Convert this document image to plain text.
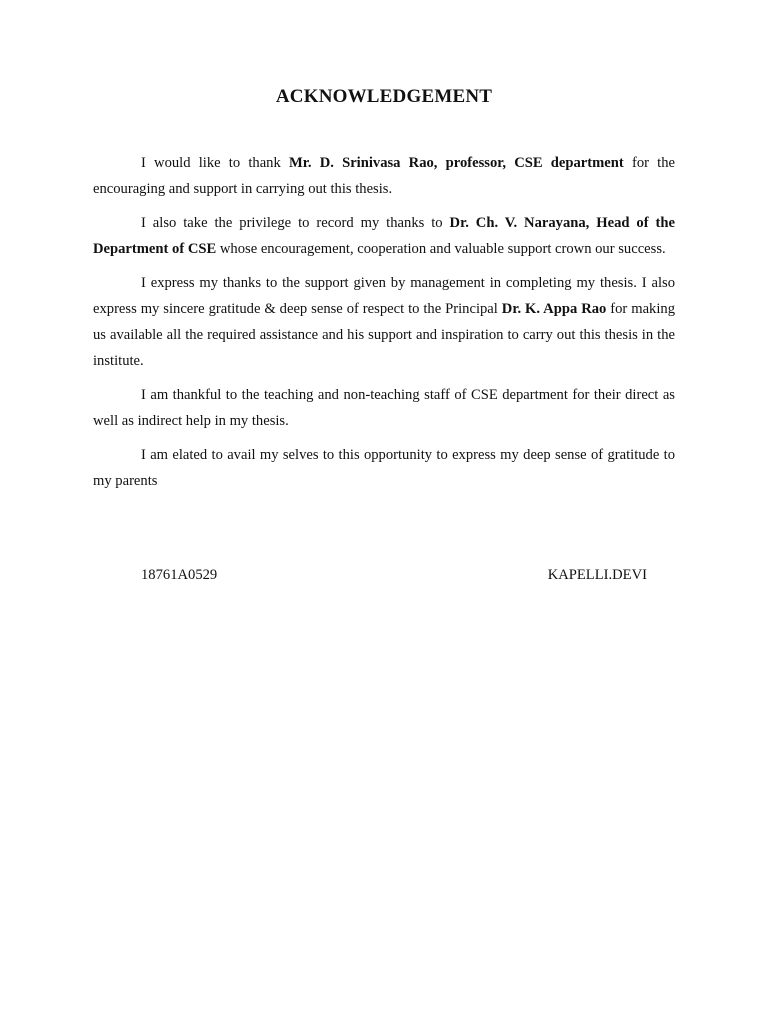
ACKNOWLEDGEMENT

I would like to thank Mr. D. Srinivasa Rao, professor, CSE department for the encouraging and support in carrying out this thesis.

I also take the privilege to record my thanks to Dr. Ch. V. Narayana, Head of the Department of CSE whose encouragement, cooperation and valuable support crown our success.

I express my thanks to the support given by management in completing my thesis. I also express my sincere gratitude & deep sense of respect to the Principal Dr. K. Appa Rao for making us available all the required assistance and his support and inspiration to carry out this thesis in the institute.

I am thankful to the teaching and non-teaching staff of CSE department for their direct as well as indirect help in my thesis.

I am elated to avail my selves to this opportunity to express my deep sense of gratitude to my parents

18761A0529	KAPELLI.DEVI
